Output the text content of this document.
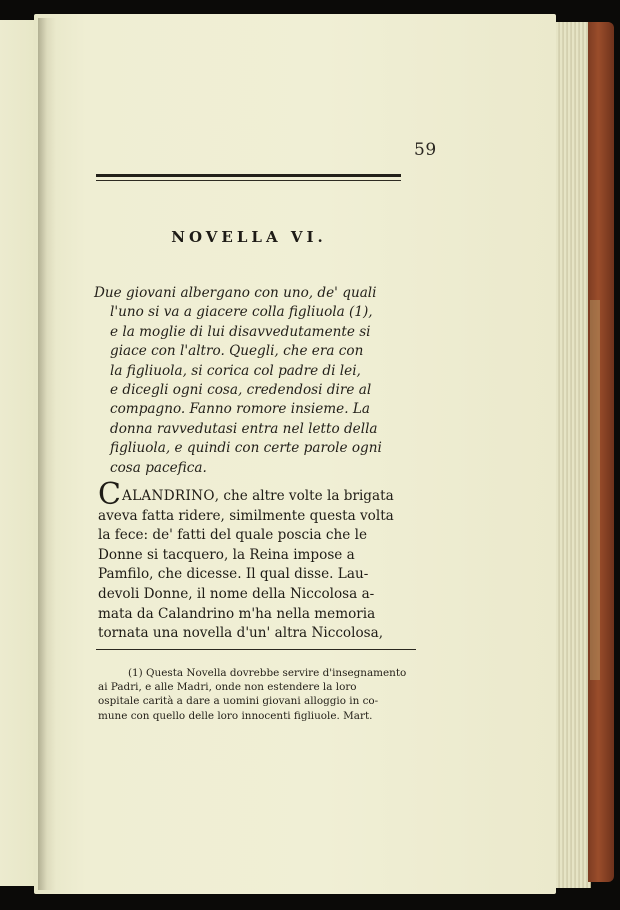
59
NOVELLA VI.
Due giovani albergano con uno, de' quali
l'uno si va a giacere colla figliuola (1),
e la moglie di lui disavvedutamente si
giace con l'altro. Quegli, che era con
la figliuola, si corica col padre di lei,
e dicegli ogni cosa, credendosi dire al
compagno. Fanno romore insieme. La
donna ravvedutasi entra nel letto della
figliuola, e quindi con certe parole ogni
cosa pacefica.
CALANDRINO, che altre volte la brigata
aveva fatta ridere, similmente questa volta
la fece: de' fatti del quale poscia che le
Donne si tacquero, la Reina impose a
Pamfilo, che dicesse. Il qual disse. Lau-
devoli Donne, il nome della Niccolosa a-
mata da Calandrino m'ha nella memoria
tornata una novella d'un' altra Niccolosa,
(1) Questa Novella dovrebbe servire d'insegnamento
ai Padri, e alle Madri, onde non estendere la loro
ospitale carità a dare a uomini giovani alloggio in co-
mune con quello delle loro innocenti figliuole. Mart.
